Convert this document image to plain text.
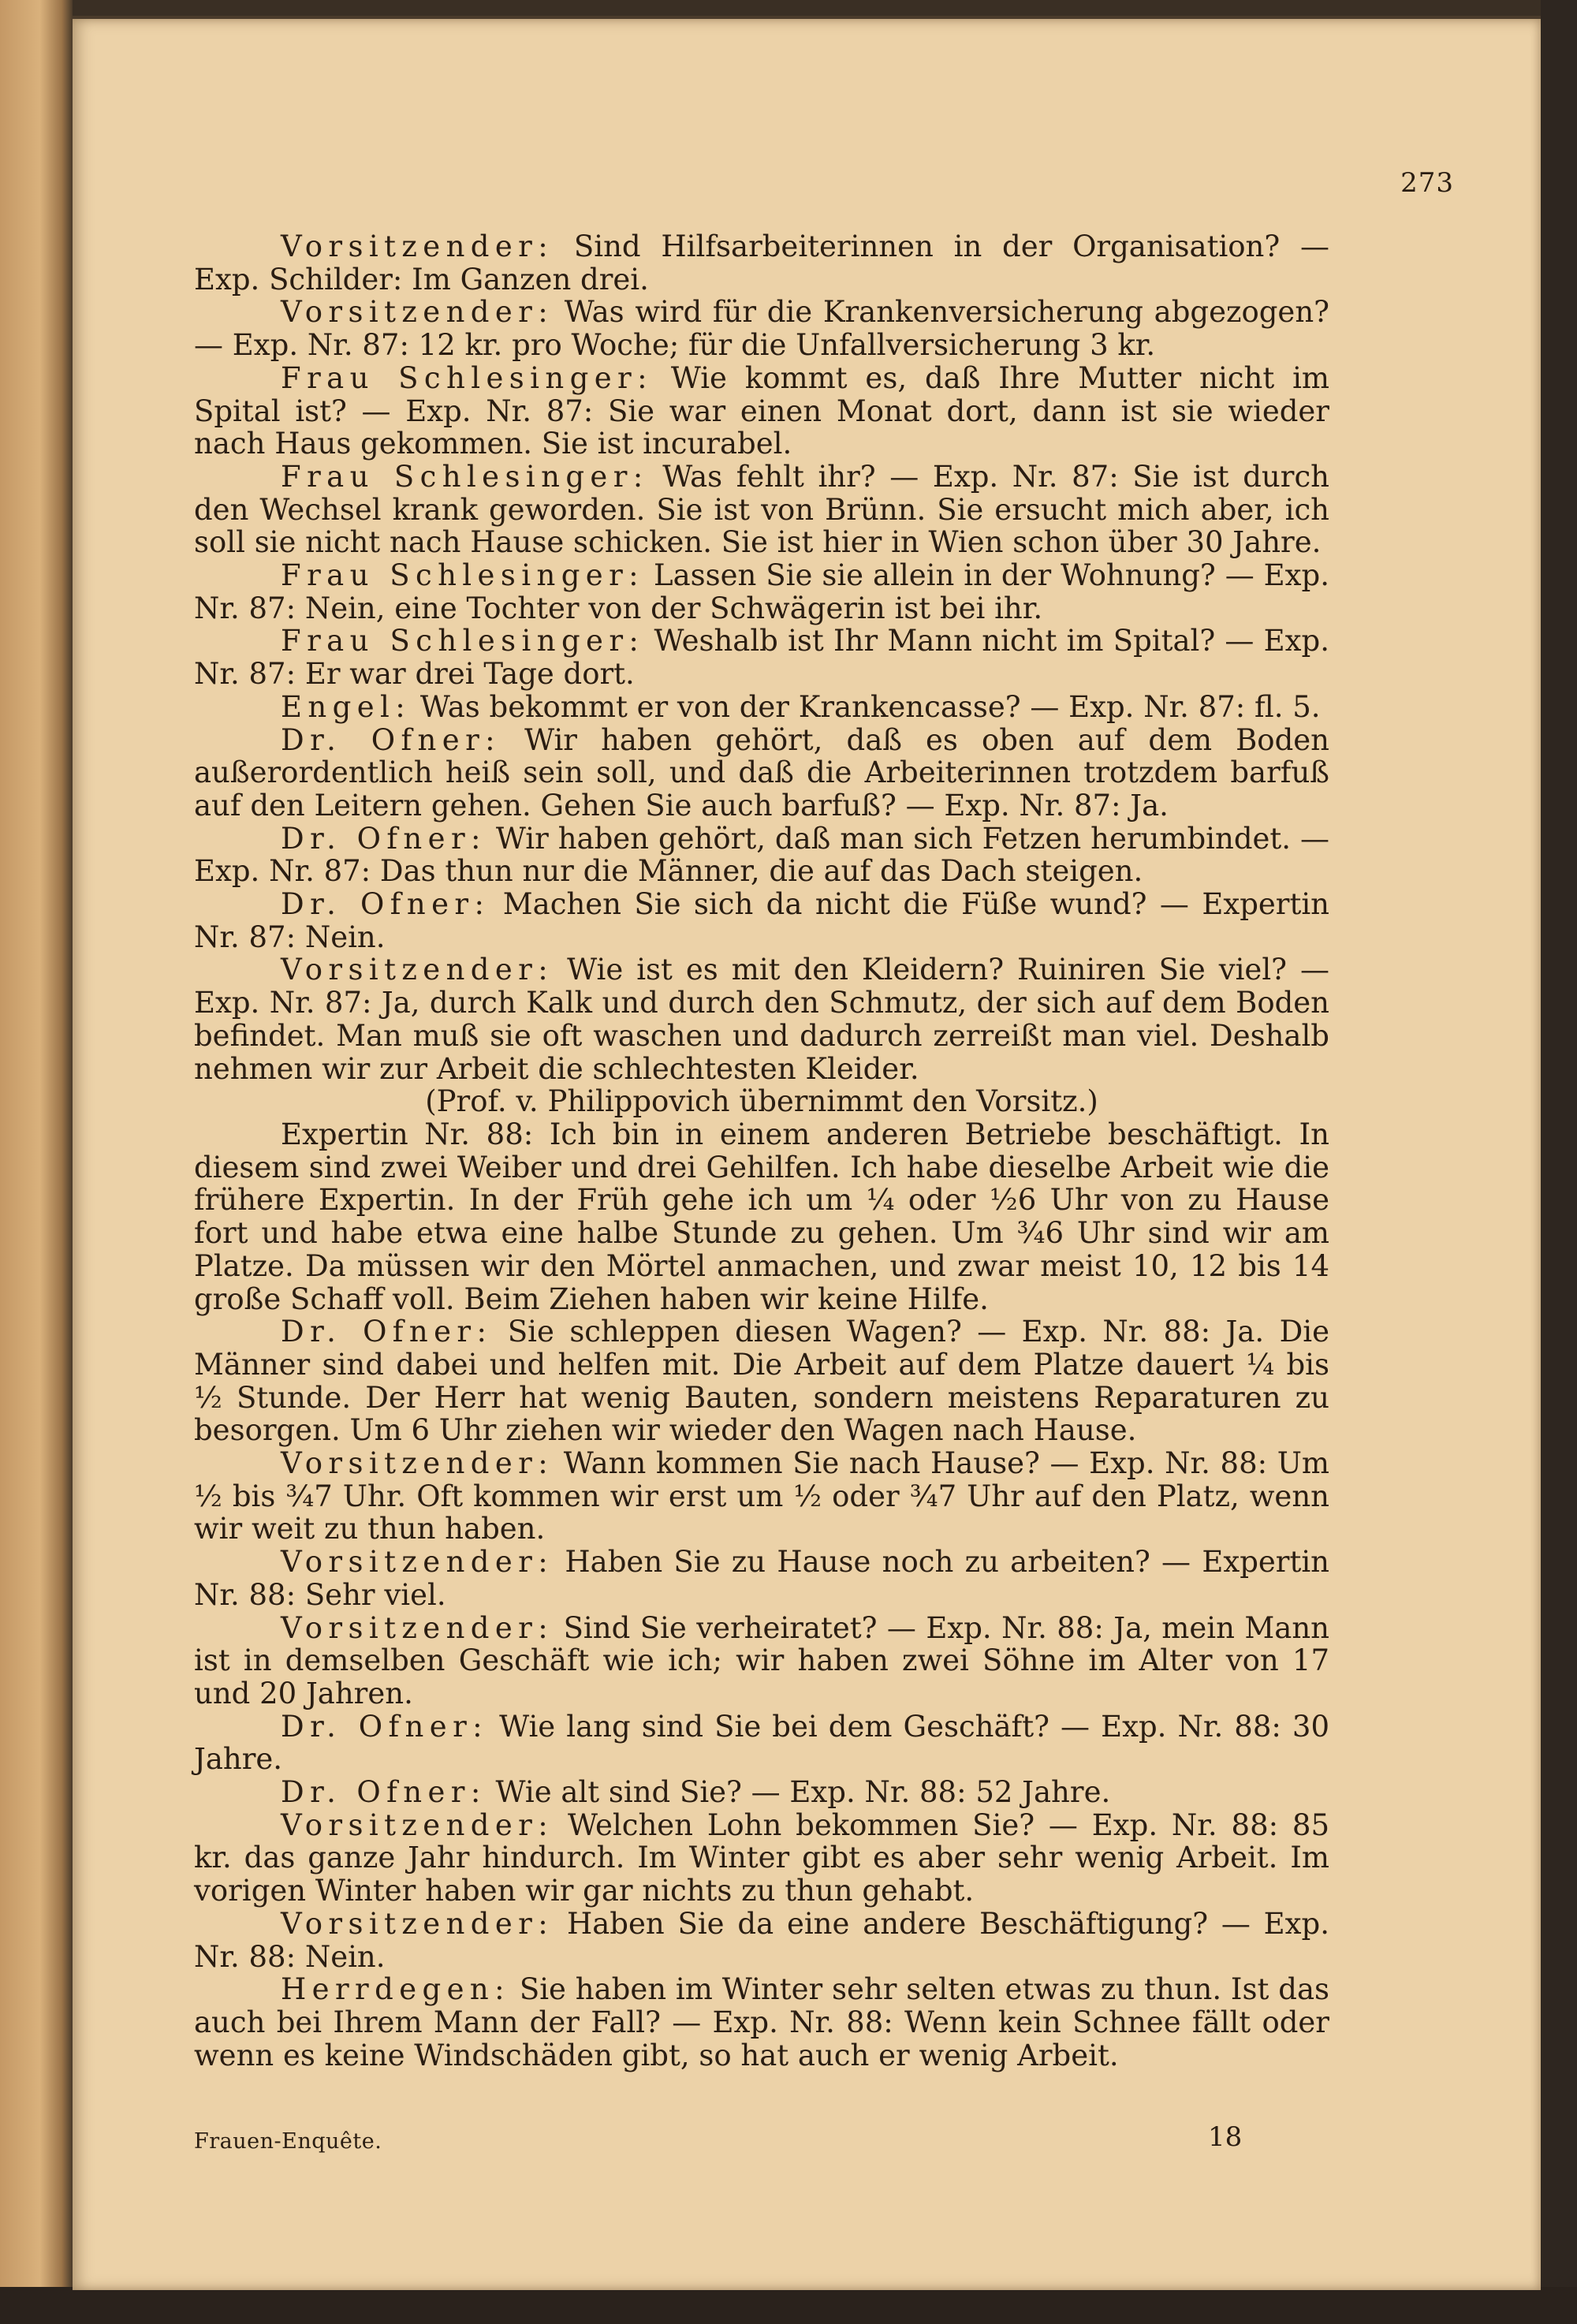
273

Vorsitzender: Sind Hilfsarbeiterinnen in der Organisation? — Exp. Schilder: Im Ganzen drei.

Vorsitzender: Was wird für die Krankenversicherung abgezogen? — Exp. Nr. 87: 12 kr. pro Woche; für die Unfallversicherung 3 kr.

Frau Schlesinger: Wie kommt es, daß Ihre Mutter nicht im Spital ist? — Exp. Nr. 87: Sie war einen Monat dort, dann ist sie wieder nach Haus gekommen. Sie ist incurabel.

Frau Schlesinger: Was fehlt ihr? — Exp. Nr. 87: Sie ist durch den Wechsel krank geworden. Sie ist von Brünn. Sie ersucht mich aber, ich soll sie nicht nach Hause schicken. Sie ist hier in Wien schon über 30 Jahre.

Frau Schlesinger: Lassen Sie sie allein in der Wohnung? — Exp. Nr. 87: Nein, eine Tochter von der Schwägerin ist bei ihr.

Frau Schlesinger: Weshalb ist Ihr Mann nicht im Spital? — Exp. Nr. 87: Er war drei Tage dort.

Engel: Was bekommt er von der Krankencasse? — Exp. Nr. 87: fl. 5.

Dr. Ofner: Wir haben gehört, daß es oben auf dem Boden außerordentlich heiß sein soll, und daß die Arbeiterinnen trotzdem barfuß auf den Leitern gehen. Gehen Sie auch barfuß? — Exp. Nr. 87: Ja.

Dr. Ofner: Wir haben gehört, daß man sich Fetzen herumbindet. — Exp. Nr. 87: Das thun nur die Männer, die auf das Dach steigen.

Dr. Ofner: Machen Sie sich da nicht die Füße wund? — Expertin Nr. 87: Nein.

Vorsitzender: Wie ist es mit den Kleidern? Ruiniren Sie viel? — Exp. Nr. 87: Ja, durch Kalk und durch den Schmutz, der sich auf dem Boden befindet. Man muß sie oft waschen und dadurch zerreißt man viel. Deshalb nehmen wir zur Arbeit die schlechtesten Kleider.

(Prof. v. Philippovich übernimmt den Vorsitz.)

Expertin Nr. 88: Ich bin in einem anderen Betriebe beschäftigt. In diesem sind zwei Weiber und drei Gehilfen. Ich habe dieselbe Arbeit wie die frühere Expertin. In der Früh gehe ich um ¼ oder ½6 Uhr von zu Hause fort und habe etwa eine halbe Stunde zu gehen. Um ¾6 Uhr sind wir am Platze. Da müssen wir den Mörtel anmachen, und zwar meist 10, 12 bis 14 große Schaff voll. Beim Ziehen haben wir keine Hilfe.

Dr. Ofner: Sie schleppen diesen Wagen? — Exp. Nr. 88: Ja. Die Männer sind dabei und helfen mit. Die Arbeit auf dem Platze dauert ¼ bis ½ Stunde. Der Herr hat wenig Bauten, sondern meistens Reparaturen zu besorgen. Um 6 Uhr ziehen wir wieder den Wagen nach Hause.

Vorsitzender: Wann kommen Sie nach Hause? — Exp. Nr. 88: Um ½ bis ¾7 Uhr. Oft kommen wir erst um ½ oder ¾7 Uhr auf den Platz, wenn wir weit zu thun haben.

Vorsitzender: Haben Sie zu Hause noch zu arbeiten? — Expertin Nr. 88: Sehr viel.

Vorsitzender: Sind Sie verheiratet? — Exp. Nr. 88: Ja, mein Mann ist in demselben Geschäft wie ich; wir haben zwei Söhne im Alter von 17 und 20 Jahren.

Dr. Ofner: Wie lang sind Sie bei dem Geschäft? — Exp. Nr. 88: 30 Jahre.

Dr. Ofner: Wie alt sind Sie? — Exp. Nr. 88: 52 Jahre.

Vorsitzender: Welchen Lohn bekommen Sie? — Exp. Nr. 88: 85 kr. das ganze Jahr hindurch. Im Winter gibt es aber sehr wenig Arbeit. Im vorigen Winter haben wir gar nichts zu thun gehabt.

Vorsitzender: Haben Sie da eine andere Beschäftigung? — Exp. Nr. 88: Nein.

Herrdegen: Sie haben im Winter sehr selten etwas zu thun. Ist das auch bei Ihrem Mann der Fall? — Exp. Nr. 88: Wenn kein Schnee fällt oder wenn es keine Windschäden gibt, so hat auch er wenig Arbeit.

Frauen-Enquête.	18
